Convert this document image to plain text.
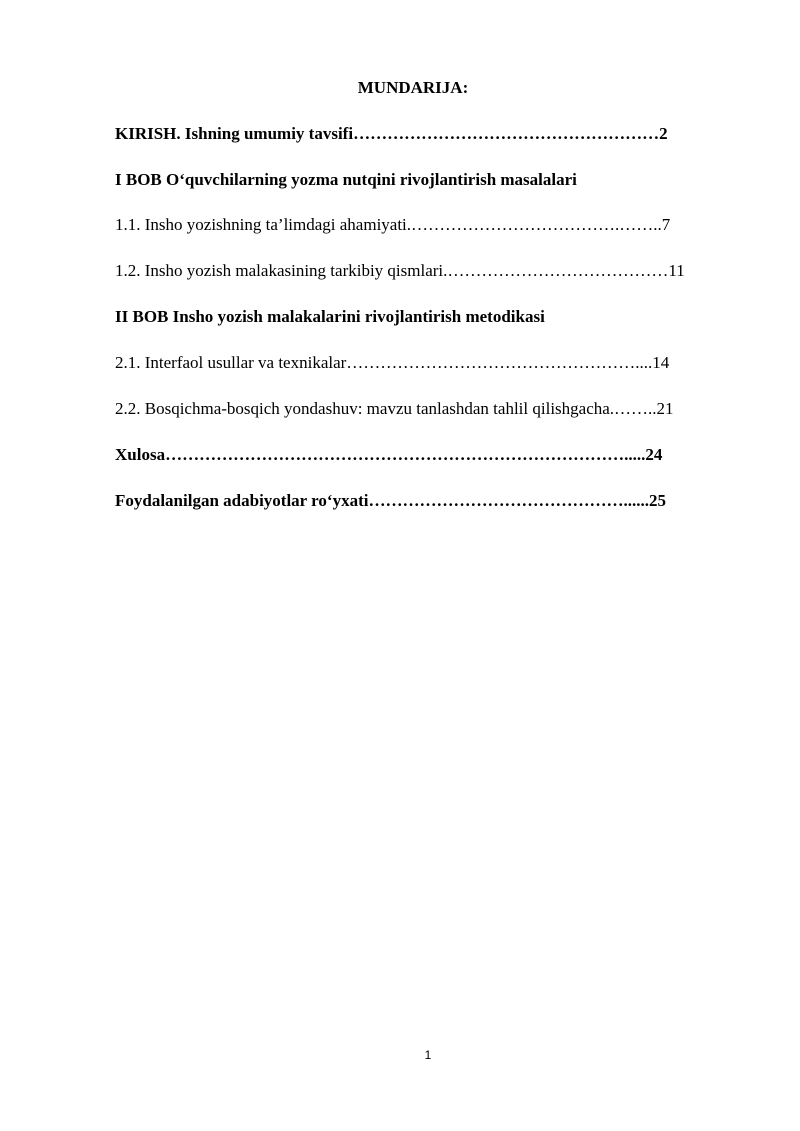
MUNDARIJA:
KIRISH. Ishning umumiy tavsifi………………………………………………2
I BOB O‘quvchilarning yozma nutqini rivojlantirish masalalari
1.1. Insho yozishning ta’limdagi ahamiyati.……………………………….……..7
1.2. Insho yozish malakasining tarkibiy qismlari.…………………………………11
II BOB Insho yozish malakalarini rivojlantirish metodikasi
2.1. Interfaol usullar va texnikalar……………………………………………....14
2.2. Bosqichma-bosqich yondashuv: mavzu tanlashdan tahlil qilishgacha.……..21
Xulosa……………………………………………………………………….....24
Foydalanilgan adabiyotlar ro‘yxati………………………………………......25
1
